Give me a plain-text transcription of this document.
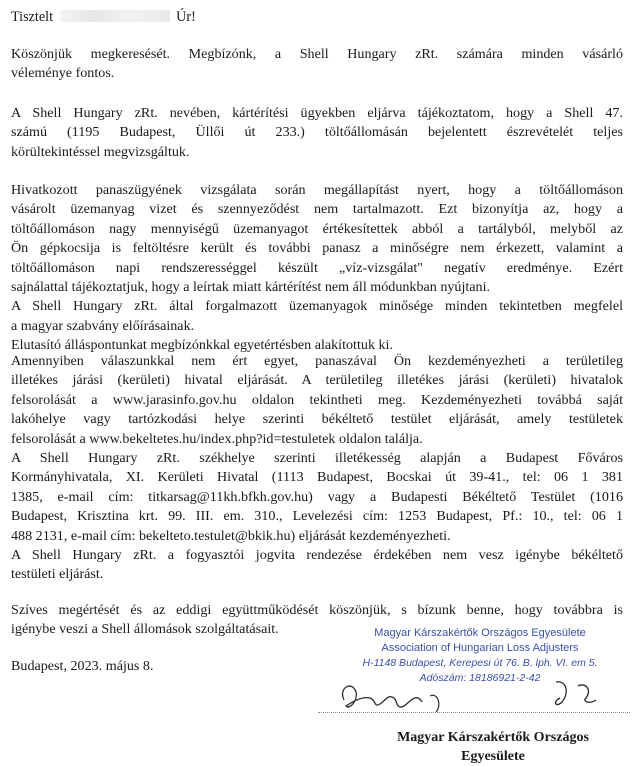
Tisztelt	Úr!
Köszönjük megkeresését. Megbízónk, a Shell Hungary zRt. számára minden vásárló
véleménye fontos.
A Shell Hungary zRt. nevében, kártérítési ügyekben eljárva tájékoztatom, hogy a Shell 47.
számú (1195 Budapest, Üllői út 233.) töltőállomásán bejelentett észrevételét teljes
körültekintéssel megvizsgáltuk.
Hivatkozott panaszügyének vizsgálata során megállapítást nyert, hogy a töltőállomáson
vásárolt üzemanyag vizet és szennyeződést nem tartalmazott. Ezt bizonyítja az, hogy a
töltőállomáson nagy mennyiségű üzemanyagot értékesítettek abból a tartályból, melyből az
Ön gépkocsija is feltöltésre került és további panasz a minőségre nem érkezett, valamint a
töltőállomáson napi rendszerességgel készült „víz-vizsgálat" negatív eredménye. Ezért
sajnálattal tájékoztatjuk, hogy a leírtak miatt kártérítést nem áll módunkban nyújtani.
A Shell Hungary zRt. által forgalmazott üzemanyagok minősége minden tekintetben megfelel
a magyar szabvány előírásainak.
Elutasító álláspontunkat megbízónkkal egyetértésben alakítottuk ki.
Amennyiben válaszunkkal nem ért egyet, panaszával Ön kezdeményezheti a területileg
illetékes járási (kerületi) hivatal eljárását. A területileg illetékes járási (kerületi) hivatalok
felsorolását a www.jarasinfo.gov.hu oldalon tekintheti meg. Kezdeményezheti továbbá saját
lakóhelye vagy tartózkodási helye szerinti békéltető testület eljárását, amely testületek
felsorolását a www.bekeltetes.hu/index.php?id=testuletek oldalon találja.
A Shell Hungary zRt. székhelye szerinti illetékesség alapján a Budapest Főváros
Kormányhivatala, XI. Kerületi Hivatal (1113 Budapest, Bocskai út 39-41., tel: 06 1 381
1385, e-mail cím: titkarsag@11kh.bfkh.gov.hu) vagy a Budapesti Békéltető Testület (1016
Budapest, Krisztina krt. 99. III. em. 310., Levelezési cím: 1253 Budapest, Pf.: 10., tel: 06 1
488 2131, e-mail cím: bekelteto.testulet@bkik.hu) eljárását kezdeményezheti.
A Shell Hungary zRt. a fogyasztói jogvita rendezése érdekében nem vesz igénybe békéltető
testületi eljárást.
Szíves megértését és az eddigi együttműködését köszönjük, s bízunk benne, hogy továbbra is
igénybe veszi a Shell állomások szolgáltatásait.
Budapest, 2023. május 8.
Magyar Kárszakértők Országos Egyesülete
Association of Hungarian Loss Adjusters
H-1148 Budapest, Kerepesi út 76. B. lph. VI. em 5.
Adószám: 18186921-2-42
Magyar Kárszakértők Országos
Egyesülete
